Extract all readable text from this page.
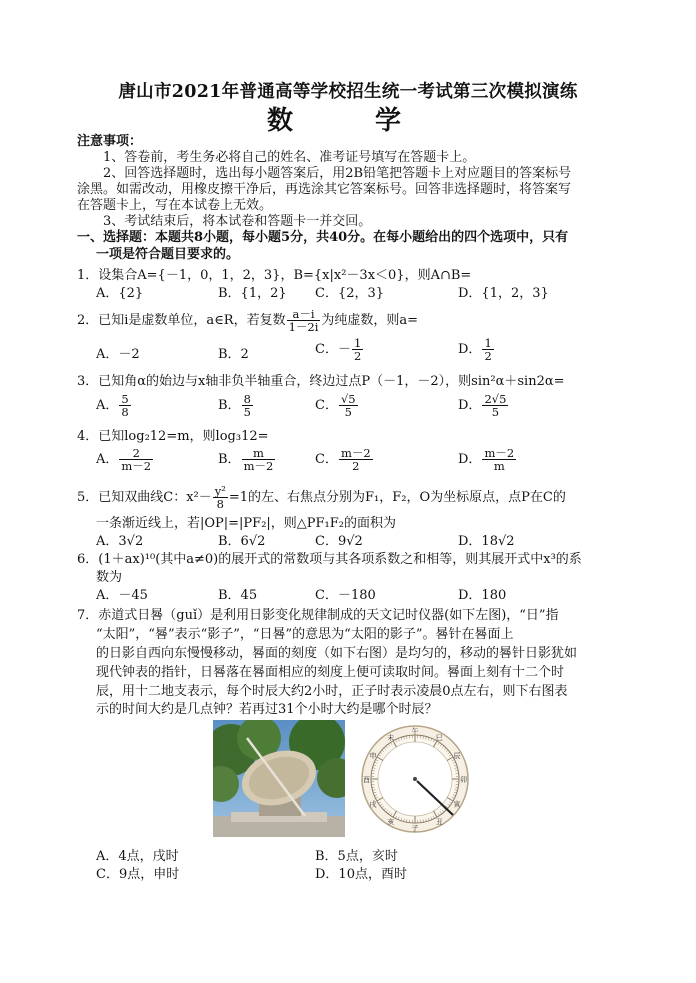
唐山市2021年普通高等学校招生统一考试第三次模拟演练
数　学
注意事项：
1、答卷前，考生务必将自己的姓名、准考证号填写在答题卡上。
2、回答选择题时，选出每小题答案后，用2B铅笔把答题卡上对应题目的答案标号
涂黑。如需改动，用橡皮擦干净后，再选涂其它答案标号。回答非选择题时，将答案写
在答题卡上，写在本试卷上无效。
3、考试结束后，将本试卷和答题卡一并交回。
一、选择题：本题共8小题，每小题5分，共40分。在每小题给出的四个选项中，只有
一项是符合题目要求的。
1．设集合A={－1，0，1，2，3}，B={x|x²－3x＜0}，则A∩B=
A．{2}	B．{1，2} C．{2，3}	D．{1，2，3}
2．已知i是虚数单位，a∈R，若复数 $\frac{a-i}{1-2i}$ 为纯虚数，则a=
A．－2	B．2	C．－ $\frac{1}{2}$	D． $\frac{1}{2}$
3．已知角α的始边与x轴非负半轴重合，终边过点P（－1，－2），则sin²α＋sin2α=
A． $\frac{5}{8}$	B． $\frac{8}{5}$	C． $\frac{√5}{5}$	D． $\frac{2√5}{5}$
4．已知log₂12=m，则log₃12=
A． $\frac{2}{m-2}$	B． $\frac{m}{m-2}$	C． $\frac{m-2}{2}$	D． $\frac{m-2}{m}$
5．已知双曲线C：$x^2- \frac{\text{y²}}{8} =1$的左、右焦点分别为F₁，F₂，O为坐标原点，点P在C的
一条渐近线上，若|OP|=|PF₂|，则△PF₁F₂的面积为
A．3√2	B．6√2	C．9√2	D．18√2
6．(1＋ax)¹⁰(其中a≠0)的展开式的常数项与其各项系数之和相等，则其展开式中x³的系
数为
A．－45	B．45	C．－180	D．180
7．赤道式日晷（guǐ）是利用日影变化规律制成的天文记时仪器(如下左图)，“日”指
“太阳”，“晷”表示“影子”，“日晷”的意思为“太阳的影子”。晷针在晷面上
的日影自西向东慢慢移动，晷面的刻度（如下右图）是均匀的，移动的晷针日影犹如
现代钟表的指针，日晷落在晷面相应的刻度上便可读取时间。晷面上刻有十二个时
辰，用十二地支表示，每个时辰大约2小时，正子时表示凌晨0点左右，则下右图表
示的时间大约是几点钟？若再过31个小时大约是哪个时辰？
子
丑
寅
卯
辰
巳
午
未
申
酉
戌
亥
A．4点，戌时	B．5点，亥时
C．9点，申时	D．10点，酉时
